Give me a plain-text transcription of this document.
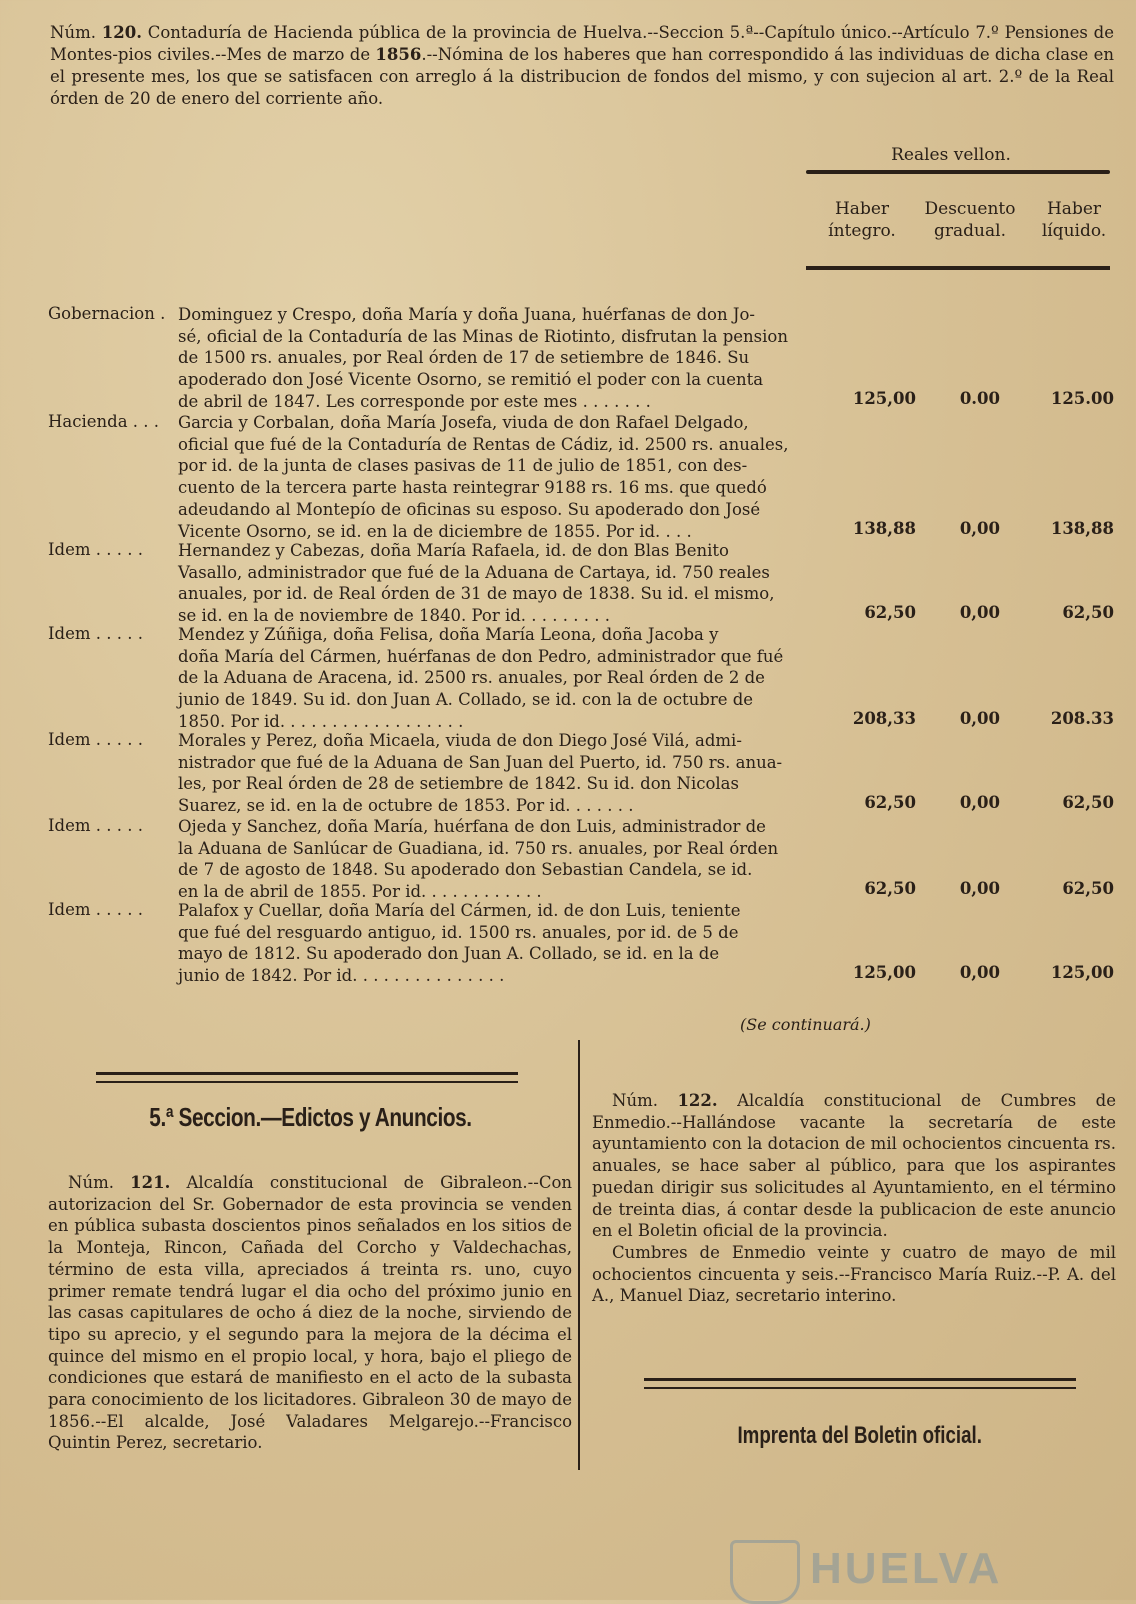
Núm. 120. Contaduría de Hacienda pública de la provincia de Huelva.--Seccion 5.ª--Capítulo único.--Artículo 7.º Pensiones de Montes-pios civiles.--Mes de marzo de 1856.--Nómina de los haberes que han correspondido á las individuas de dicha clase en el presente mes, los que se satisfacen con arreglo á la distribucion de fondos del mismo, y con sujecion al art. 2.º de la Real órden de 20 de enero del corriente año.
Reales vellon.
Haber
íntegro.
Descuento
gradual.
Haber
líquido.
Gobernacion . Dominguez y Crespo, doña María y doña Juana, huérfanas de don Jo-
sé, oficial de la Contaduría de las Minas de Riotinto, disfrutan la pension
de 1500 rs. anuales, por Real órden de 17 de setiembre de 1846. Su
apoderado don José Vicente Osorno, se remitió el poder con la cuenta
de abril de 1847. Les corresponde por este mes . . . . . . .	125,00	0.00	125.00
Hacienda . . . Garcia y Corbalan, doña María Josefa, viuda de don Rafael Delgado,
oficial que fué de la Contaduría de Rentas de Cádiz, id. 2500 rs. anuales,
por id. de la junta de clases pasivas de 11 de julio de 1851, con des-
cuento de la tercera parte hasta reintegrar 9188 rs. 16 ms. que quedó
adeudando al Montepío de oficinas su esposo. Su apoderado don José
Vicente Osorno, se id. en la de diciembre de 1855. Por id. . . .	138,88	0,00	138,88
Idem . . . . . Hernandez y Cabezas, doña María Rafaela, id. de don Blas Benito
Vasallo, administrador que fué de la Aduana de Cartaya, id. 750 reales
anuales, por id. de Real órden de 31 de mayo de 1838. Su id. el mismo,
se id. en la de noviembre de 1840. Por id. . . . . . . . .	62,50	0,00	62,50
Idem . . . . . Mendez y Zúñiga, doña Felisa, doña María Leona, doña Jacoba y
doña María del Cármen, huérfanas de don Pedro, administrador que fué
de la Aduana de Aracena, id. 2500 rs. anuales, por Real órden de 2 de
junio de 1849. Su id. don Juan A. Collado, se id. con la de octubre de
1850. Por id. . . . . . . . . . . . . . . . . .	208,33	0,00	208.33
Idem . . . . . Morales y Perez, doña Micaela, viuda de don Diego José Vilá, admi-
nistrador que fué de la Aduana de San Juan del Puerto, id. 750 rs. anua-
les, por Real órden de 28 de setiembre de 1842. Su id. don Nicolas
Suarez, se id. en la de octubre de 1853. Por id. . . . . . .	62,50	0,00	62,50
Idem . . . . . Ojeda y Sanchez, doña María, huérfana de don Luis, administrador de
la Aduana de Sanlúcar de Guadiana, id. 750 rs. anuales, por Real órden
de 7 de agosto de 1848. Su apoderado don Sebastian Candela, se id.
en la de abril de 1855. Por id. . . . . . . . . . . .	62,50	0,00	62,50
Idem . . . . . Palafox y Cuellar, doña María del Cármen, id. de don Luis, teniente
que fué del resguardo antiguo, id. 1500 rs. anuales, por id. de 5 de
mayo de 1812. Su apoderado don Juan A. Collado, se id. en la de
junio de 1842. Por id. . . . . . . . . . . . . . .	125,00	0,00	125,00
(Se continuará.)
5.ª Seccion.—Edictos y Anuncios.

Núm. 121. Alcaldía constitucional de Gibraleon.--Con autorizacion del Sr. Gobernador de esta provincia se venden en pública subasta doscientos pinos señalados en los sitios de la Monteja, Rincon, Cañada del Corcho y Valdechachas, término de esta villa, apreciados á treinta rs. uno, cuyo primer remate tendrá lugar el dia ocho del próximo junio en las casas capitulares de ocho á diez de la noche, sirviendo de tipo su aprecio, y el segundo para la mejora de la décima el quince del mismo en el propio local, y hora, bajo el pliego de condiciones que estará de manifiesto en el acto de la subasta para conocimiento de los licitadores. Gibraleon 30 de mayo de 1856.--El alcalde, José Valadares Melgarejo.--Francisco Quintin Perez, secretario.

Núm. 122. Alcaldía constitucional de Cumbres de Enmedio.--Hallándose vacante la secretaría de este ayuntamiento con la dotacion de mil ochocientos cincuenta rs. anuales, se hace saber al público, para que los aspirantes puedan dirigir sus solicitudes al Ayuntamiento, en el término de treinta dias, á contar desde la publicacion de este anuncio en el Boletin oficial de la provincia.

Cumbres de Enmedio veinte y cuatro de mayo de mil ochocientos cincuenta y seis.--Francisco María Ruiz.--P. A. del A., Manuel Diaz, secretario interino.

Imprenta del Boletin oficial.
HUELVA
